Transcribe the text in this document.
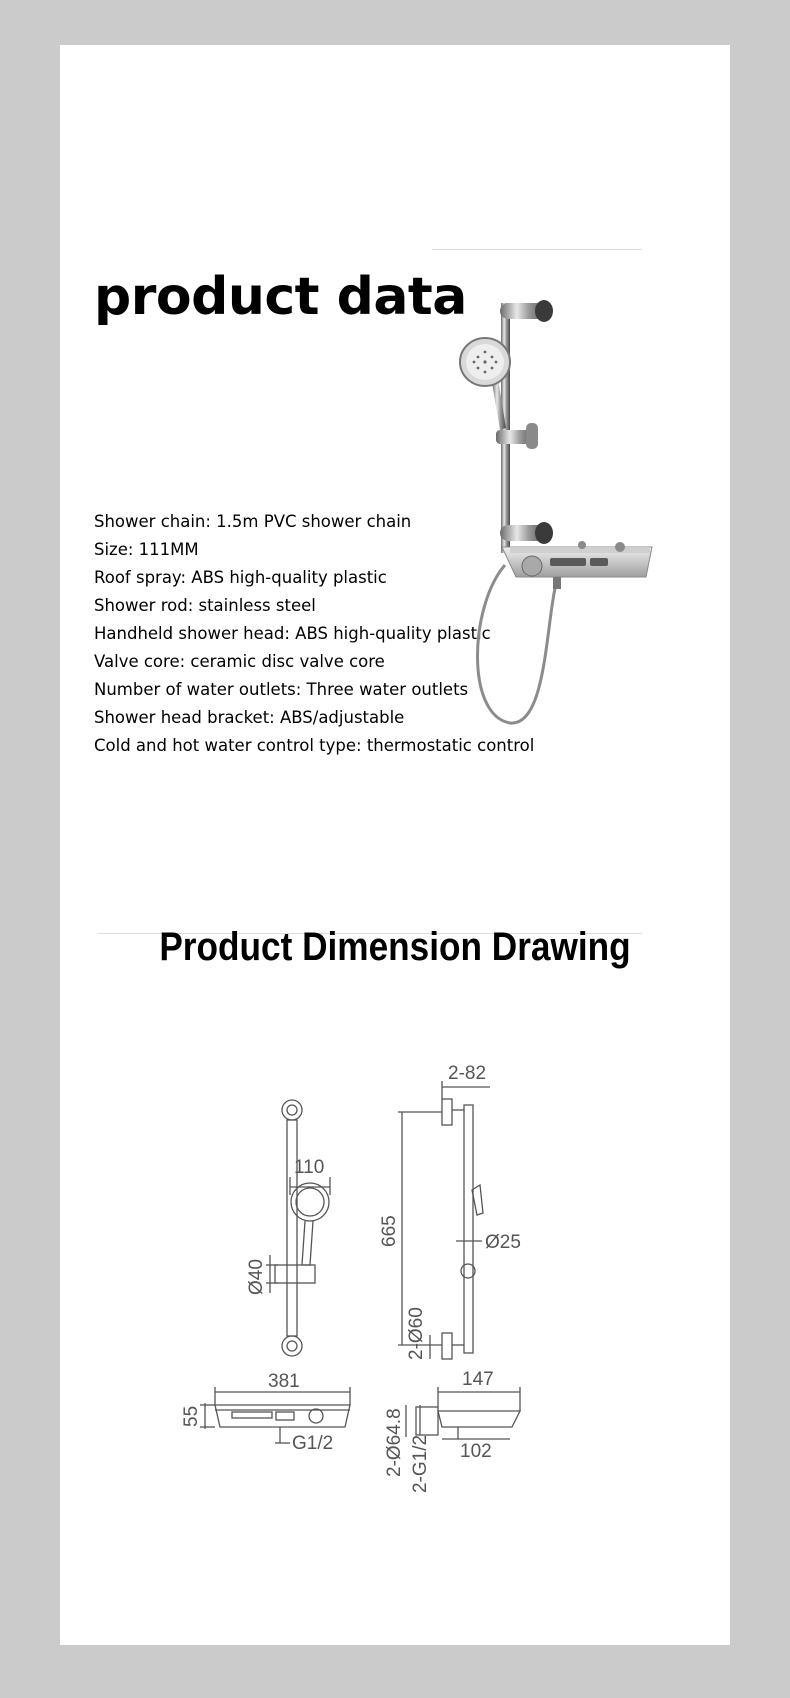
product data
Shower chain: 1.5m PVC shower chain
Size: 111MM
Roof spray: ABS high-quality plastic
Shower rod: stainless steel
Handheld shower head: ABS high-quality plastic
Valve core: ceramic disc valve core
Number of water outlets: Three water outlets
Shower head bracket: ABS/adjustable
Cold and hot water control type: thermostatic control
Product Dimension Drawing
110
Ø40
2-82
665	Ø25
2-Ø60
381
55
G1/2
147
102
2-Ø64.8 2-G1/2
